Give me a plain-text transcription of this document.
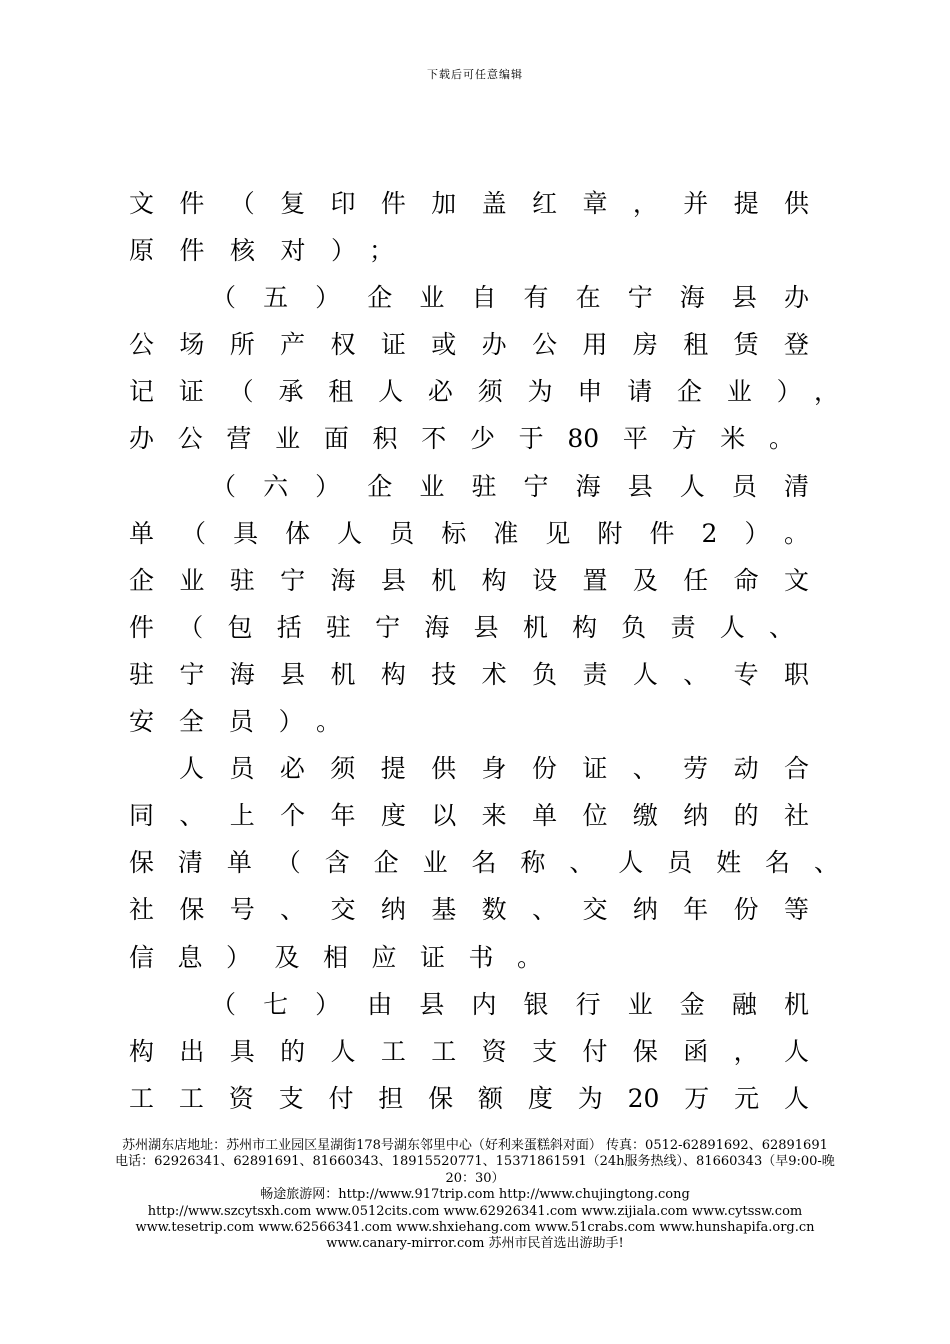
下载后可任意编辑
文件（复印件加盖红章，并提供
原件核对）；
（五）企业自有在宁海县办
公场所产权证或办公用房租赁登
记证（承租人必须为申请企业），
办公营业面积不少于80平方米。
（六）企业驻宁海县人员清
单（具体人员标准见附件2）。
企业驻宁海县机构设置及任命文
件（包括驻宁海县机构负责人、
驻宁海县机构技术负责人、专职
安全员）。
人员必须提供身份证、劳动合
同、上个年度以来单位缴纳的社
保清单（含企业名称、人员姓名、
社保号、交纳基数、交纳年份等
信息）及相应证书。
（七）由县内银行业金融机
构出具的人工工资支付保函，人
工工资支付担保额度为20万元人
苏州湖东店地址：苏州市工业园区星湖街178号湖东邻里中心（好利来蛋糕斜对面） 传真：0512-62891692、62891691
电话：62926341、62891691、81660343、18915520771、15371861591（24h服务热线）、81660343（早9:00-晚20：30）
畅途旅游网：http://www.917trip.com http://www.chujingtong.cong
http://www.szcytsxh.com www.0512cits.com www.62926341.com www.zijiala.com www.cytssw.com
www.tesetrip.com www.62566341.com www.shxiehang.com www.51crabs.com www.hunshapifa.org.cn
www.canary-mirror.com 苏州市民首选出游助手!
